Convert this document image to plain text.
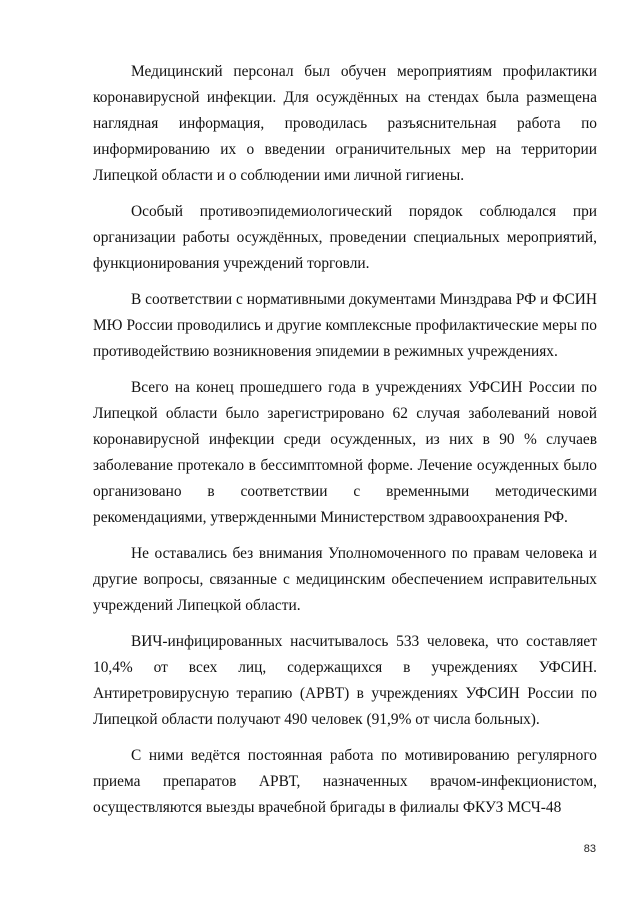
Медицинский персонал был обучен мероприятиям профилактики коронавирусной инфекции. Для осуждённых на стендах была размещена наглядная информация, проводилась разъяснительная работа по информированию их о введении ограничительных мер на территории Липецкой области и о соблюдении ими личной гигиены.

Особый противоэпидемиологический порядок соблюдался при организации работы осуждённых, проведении специальных мероприятий, функционирования учреждений торговли.

В соответствии с нормативными документами Минздрава РФ и ФСИН МЮ России проводились и другие комплексные профилактические меры по противодействию возникновения эпидемии в режимных учреждениях.

Всего на конец прошедшего года в учреждениях УФСИН России по Липецкой области было зарегистрировано 62 случая заболеваний новой коронавирусной инфекции среди осужденных, из них в 90 % случаев заболевание протекало в бессимптомной форме. Лечение осужденных было организовано в соответствии с временными методическими рекомендациями, утвержденными Министерством здравоохранения РФ.

Не оставались без внимания Уполномоченного по правам человека и другие вопросы, связанные с медицинским обеспечением исправительных учреждений Липецкой области.

ВИЧ-инфицированных насчитывалось 533 человека, что составляет 10,4% от всех лиц, содержащихся в учреждениях УФСИН. Антиретровирусную терапию (АРВТ) в учреждениях УФСИН России по Липецкой области получают 490 человек (91,9% от числа больных).

С ними ведётся постоянная работа по мотивированию регулярного приема препаратов АРВТ, назначенных врачом-инфекционистом, осуществляются выезды врачебной бригады в филиалы ФКУЗ МСЧ-48

83
